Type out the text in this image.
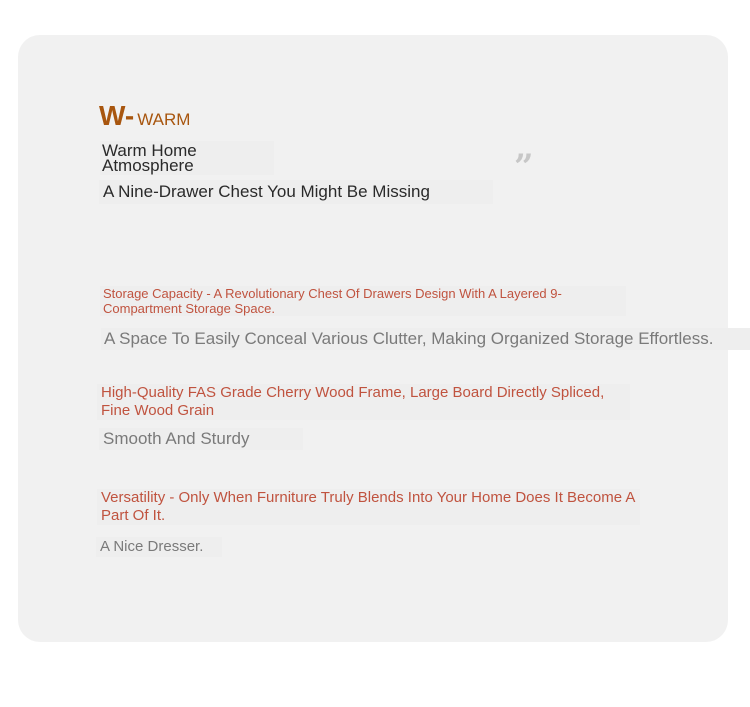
W- WARM
Warm Home
Atmosphere
A Nine-Drawer Chest You Might Be Missing
”
Storage Capacity - A Revolutionary Chest Of Drawers Design With A Layered 9-Compartment Storage Space.
A Space To Easily Conceal Various Clutter, Making Organized Storage Effortless.
High-Quality FAS Grade Cherry Wood Frame, Large Board Directly Spliced, Fine Wood Grain
Smooth And Sturdy
Versatility - Only When Furniture Truly Blends Into Your Home Does It Become A Part Of It.
A Nice Dresser.
